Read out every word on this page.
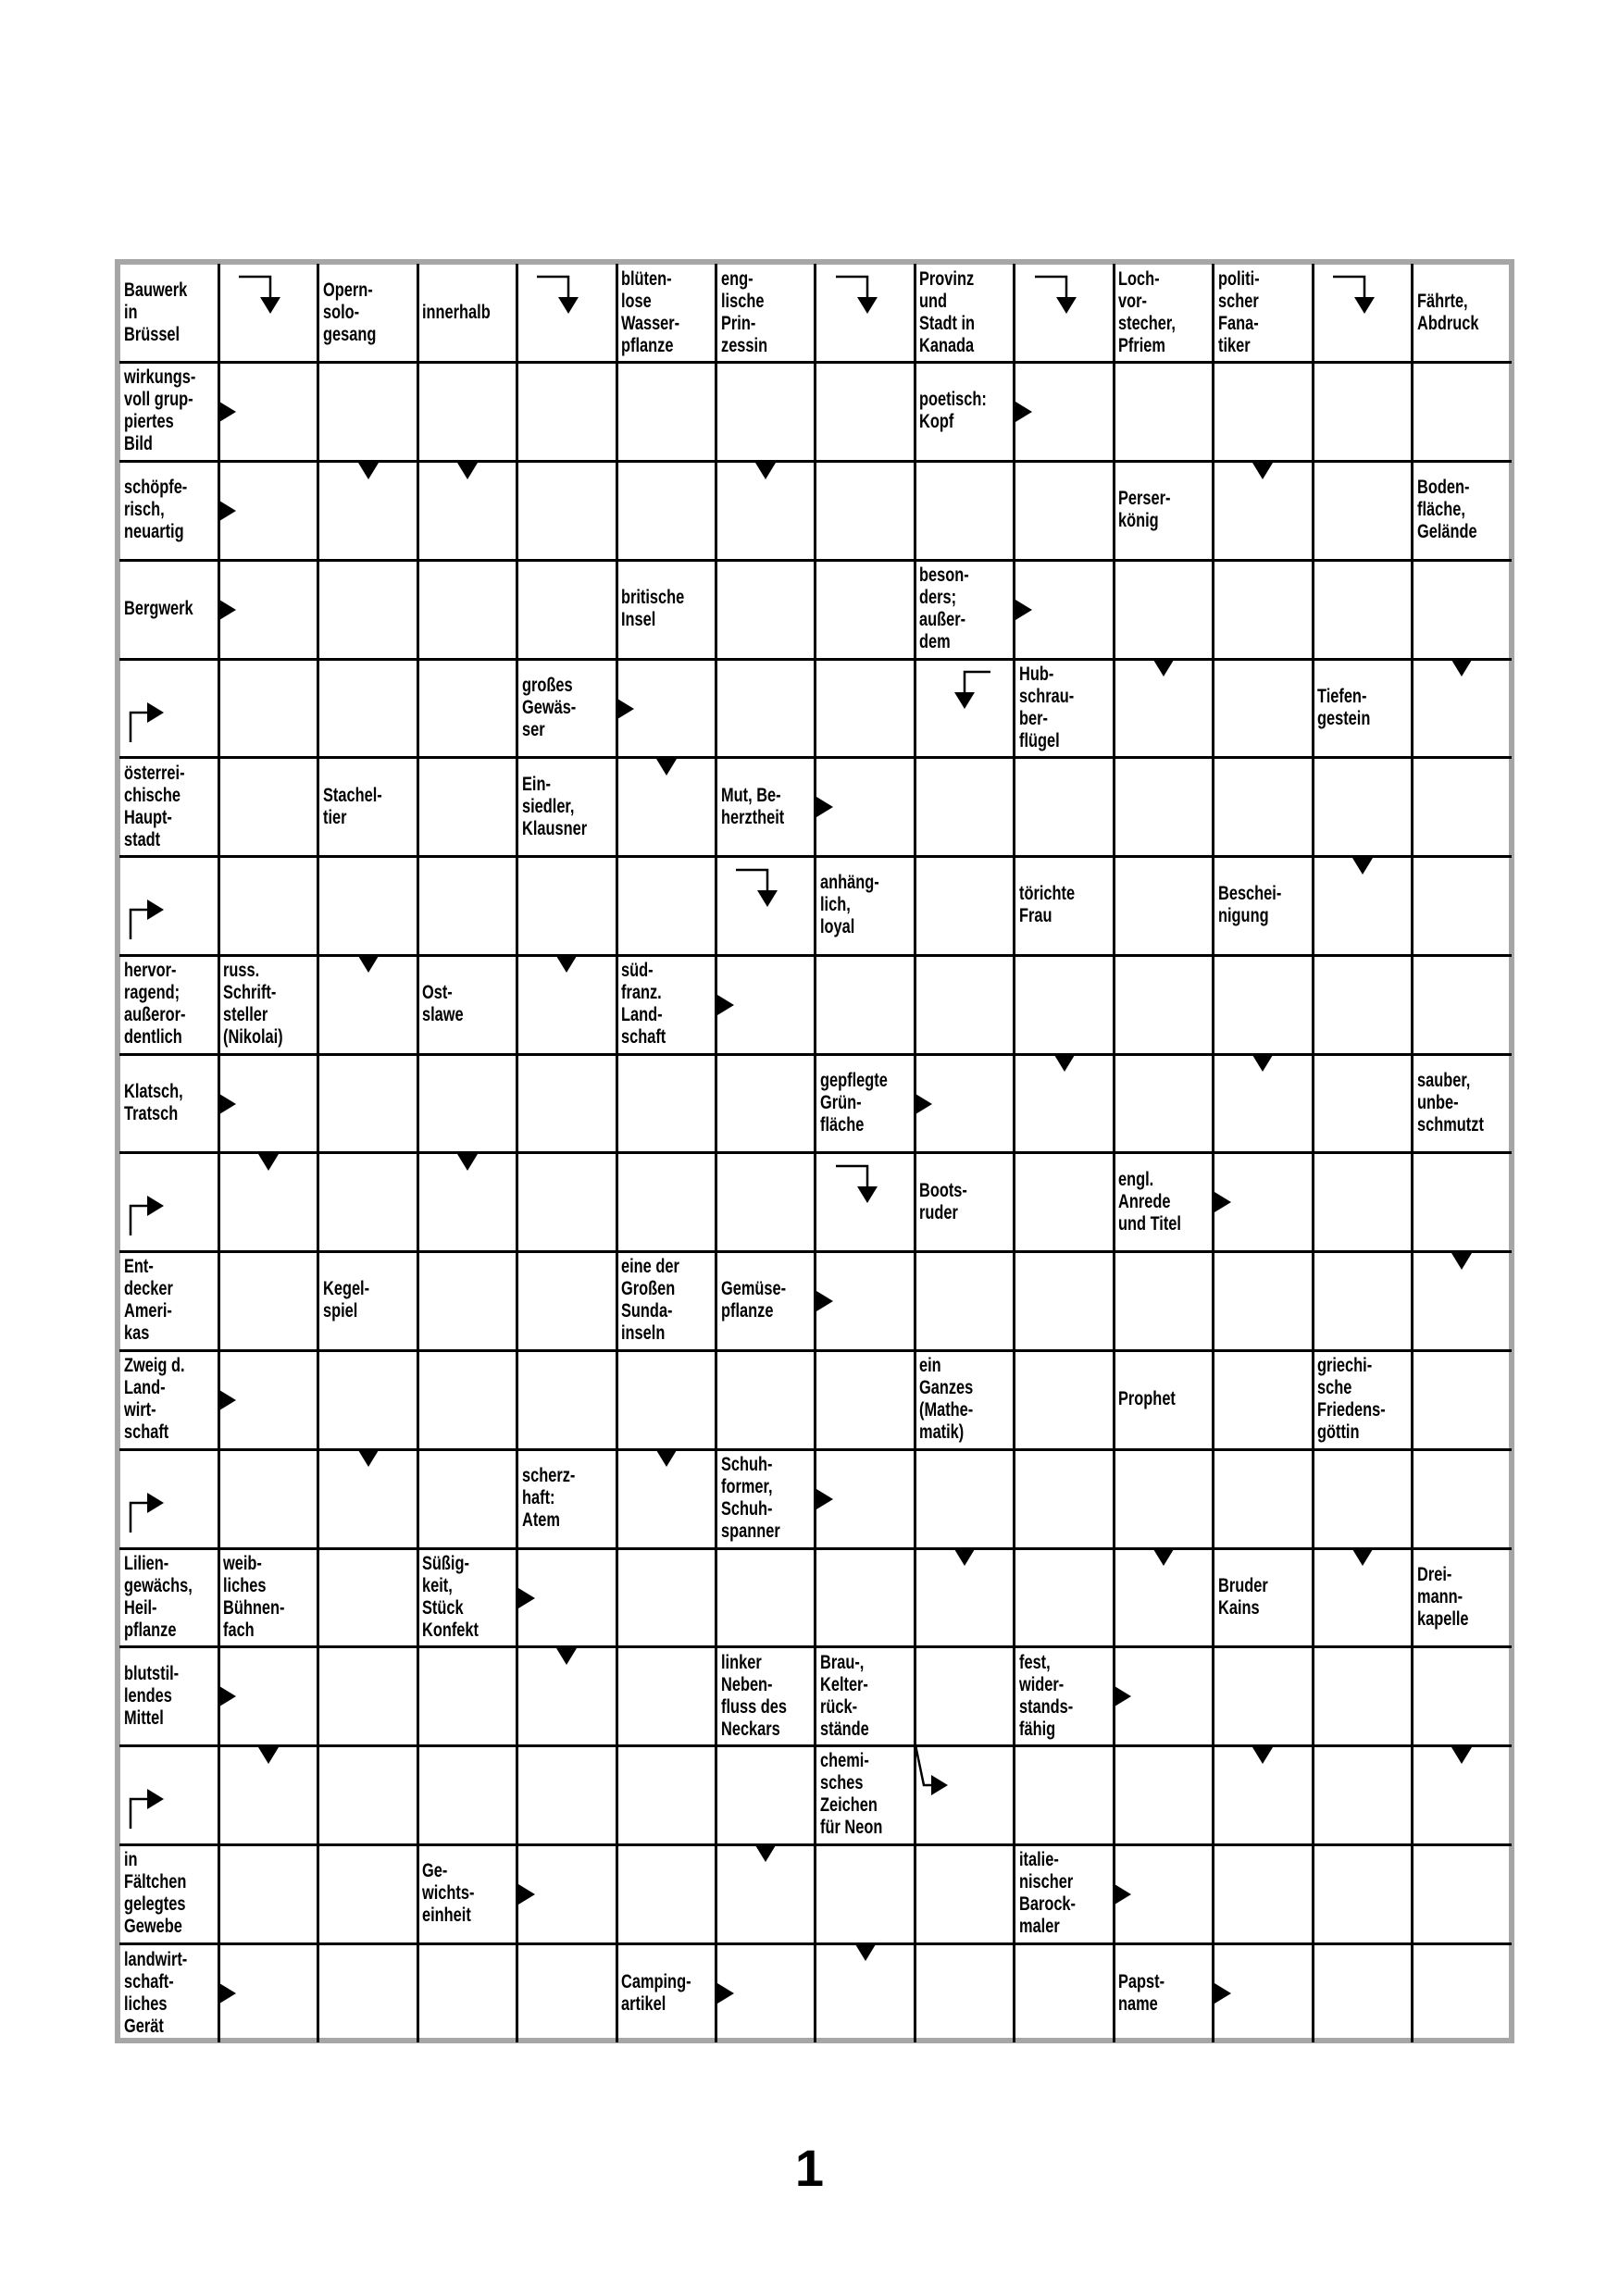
Bauwerk
in
Brüssel
Opern-
solo-
gesang
innerhalb
blüten-
lose
Wasser-
pflanze
eng-
lische
Prin-
zessin
Provinz
und
Stadt in
Kanada
Loch-
vor-
stecher,
Pfriem
politi-
scher
Fana-
tiker
Fährte,
Abdruck
wirkungs-
voll grup-
piertes
Bild
poetisch:
Kopf
schöpfe-
risch,
neuartig
Perser-
könig
Boden-
fläche,
Gelände
Bergwerk
britische
Insel
beson-
ders;
außer-
dem
großes
Gewäs-
ser
Hub-
schrau-
ber-
flügel
Tiefen-
gestein
österrei-
chische
Haupt-
stadt
Stachel-
tier
Ein-
siedler,
Klausner
Mut, Be-
herztheit
anhäng-
lich,
loyal
törichte
Frau
Beschei-
nigung
hervor-
ragend;
außeror-
dentlich
russ.
Schrift-
steller
(Nikolai)
Ost-
slawe
süd-
franz.
Land-
schaft
Klatsch,
Tratsch
gepflegte
Grün-
fläche
sauber,
unbe-
schmutzt
Boots-
ruder
engl.
Anrede
und Titel
Ent-
decker
Ameri-
kas
Kegel-
spiel
eine der
Großen
Sunda-
inseln
Gemüse-
pflanze
Zweig d.
Land-
wirt-
schaft
ein
Ganzes
(Mathe-
matik)
Prophet
griechi-
sche
Friedens-
göttin
scherz-
haft:
Atem
Schuh-
former,
Schuh-
spanner
Lilien-
gewächs,
Heil-
pflanze
weib-
liches
Bühnen-
fach
Süßig-
keit,
Stück
Konfekt
Bruder
Kains
Drei-
mann-
kapelle
blutstil-
lendes
Mittel
linker
Neben-
fluss des
Neckars
Brau-,
Kelter-
rück-
stände
fest,
wider-
stands-
fähig
chemi-
sches
Zeichen
für Neon
in
Fältchen
gelegtes
Gewebe
Ge-
wichts-
einheit
italie-
nischer
Barock-
maler
landwirt-
schaft-
liches
Gerät
Camping-
artikel
Papst-
name
1
